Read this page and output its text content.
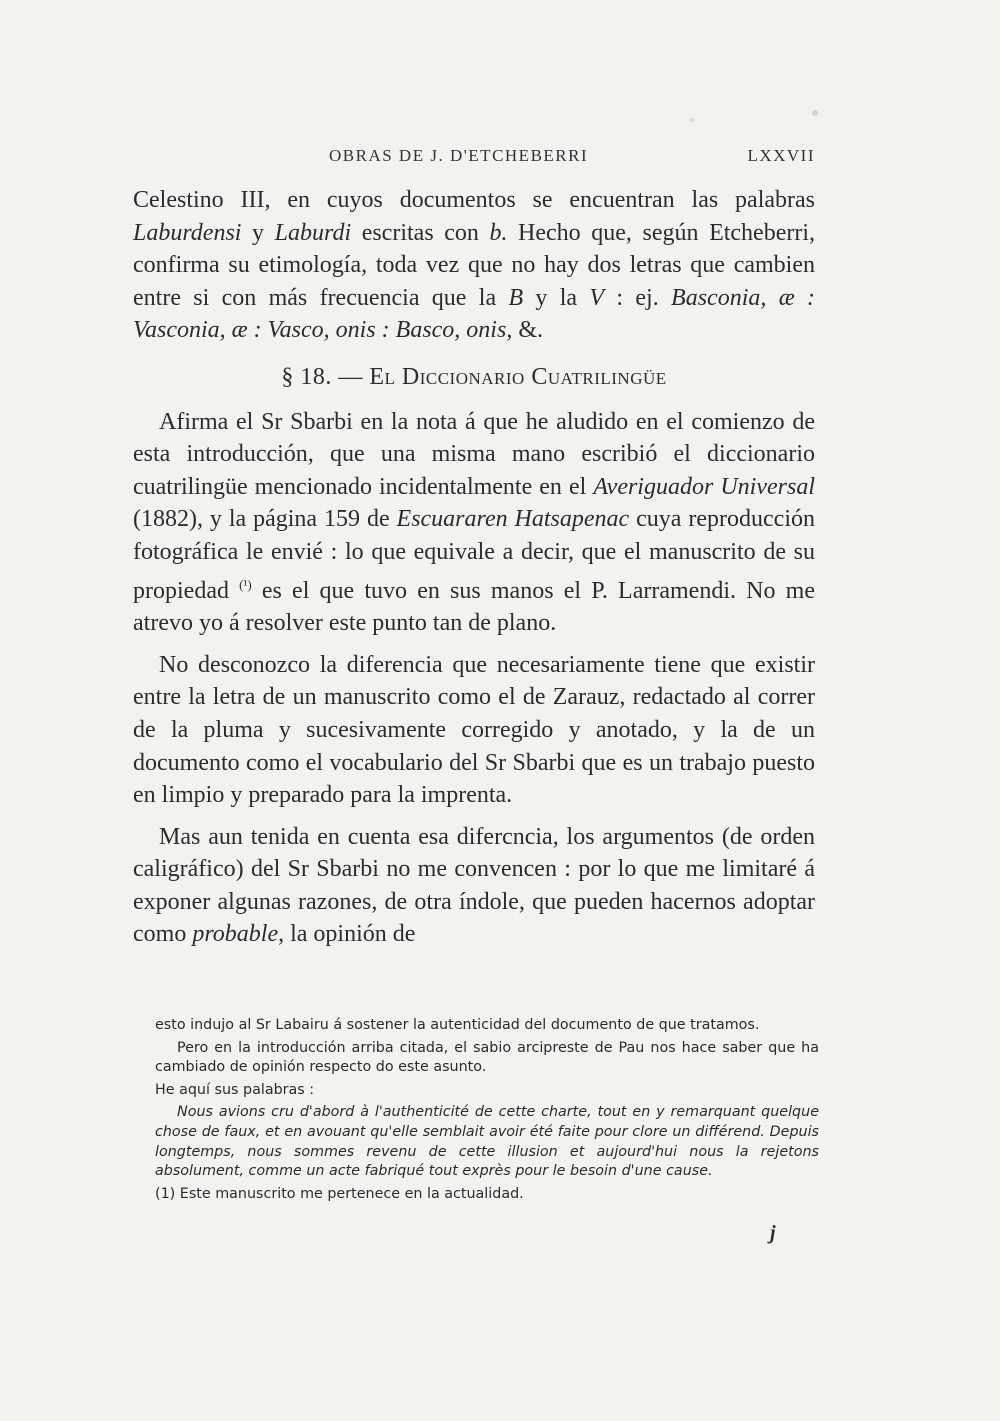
OBRAS DE J. D'ETCHEBERRI	LXXVII

Celestino III, en cuyos documentos se encuentran las palabras Laburdensi y Laburdi escritas con b. Hecho que, según Etcheberri, confirma su etimología, toda vez que no hay dos letras que cambien entre si con más frecuencia que la B y la V : ej. Basconia, æ : Vasconia, æ : Vasco, onis : Basco, onis, &.

§ 18. — El Diccionario Cuatrilingüe

Afirma el Sr Sbarbi en la nota á que he aludido en el comienzo de esta introducción, que una misma mano escribió el diccionario cuatrilingüe mencionado incidentalmente en el Averiguador Universal (1882), y la página 159 de Escuararen Hatsapenac cuya reproducción fotográfica le envié : lo que equivale a decir, que el manuscrito de su propiedad $^{(^1)}$ es el que tuvo en sus manos el P. Larramendi. No me atrevo yo á resolver este punto tan de plano.

No desconozco la diferencia que necesariamente tiene que existir entre la letra de un manuscrito como el de Zarauz, redactado al correr de la pluma y sucesivamente corregido y anotado, y la de un documento como el vocabulario del Sr Sbarbi que es un trabajo puesto en limpio y preparado para la imprenta.

Mas aun tenida en cuenta esa difercncia, los argumentos (de orden caligráfico) del Sr Sbarbi no me convencen : por lo que me limitaré á exponer algunas razones, de otra índole, que pueden hacernos adoptar como probable, la opinión de

esto indujo al Sr Labairu á sostener la autenticidad del documento de que tratamos.

Pero en la introducción arriba citada, el sabio arcipreste de Pau nos hace saber que ha cambiado de opinión respecto do este asunto.

He aquí sus palabras :

Nous avions cru d'abord à l'authenticité de cette charte, tout en y remarquant quelque chose de faux, et en avouant qu'elle semblait avoir été faite pour clore un différend. Depuis longtemps, nous sommes revenu de cette illusion et aujourd'hui nous la rejetons absolument, comme un acte fabriqué tout exprès pour le besoin d'une cause.

(1) Este manuscrito me pertenece en la actualidad.

j
